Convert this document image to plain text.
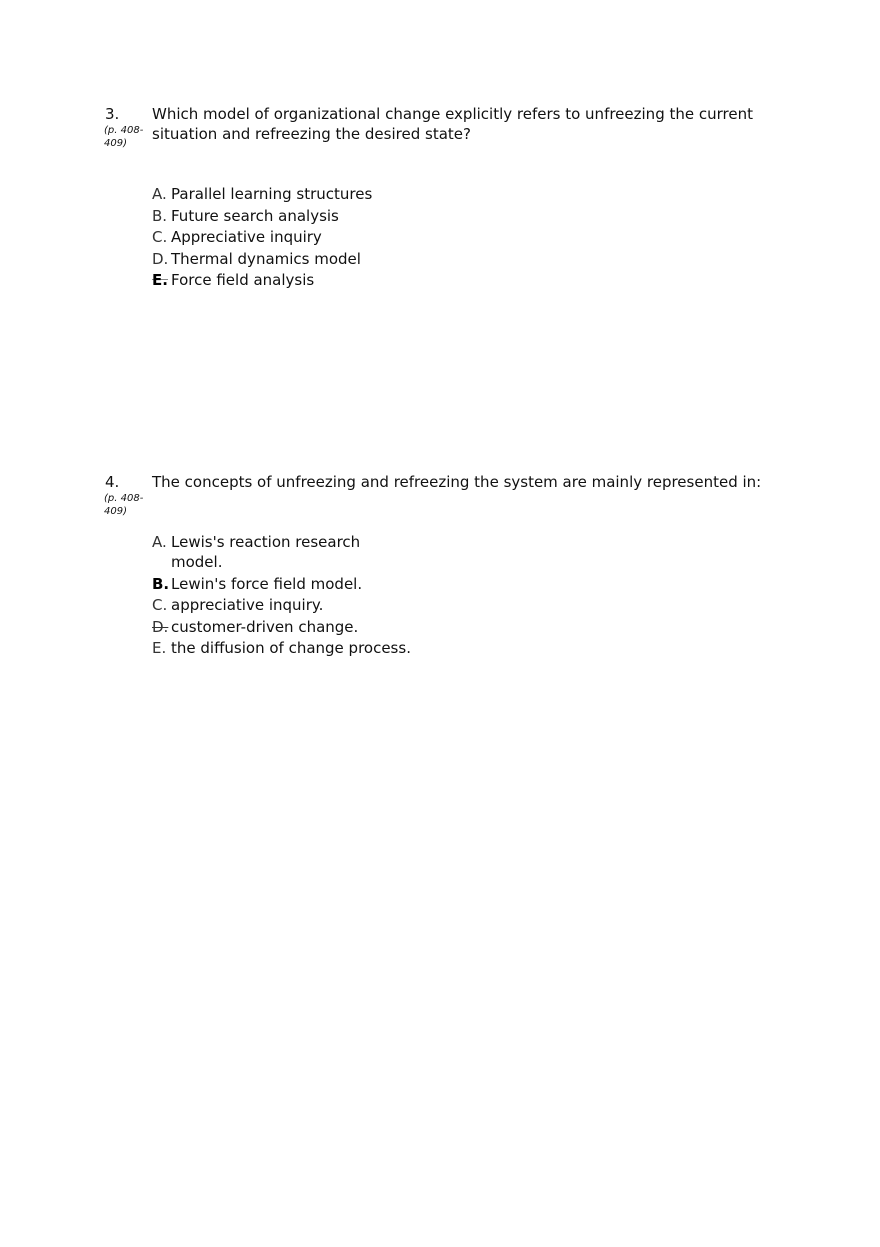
3.
(p. 408-409)
Which model of organizational change explicitly refers to unfreezing the current situation and refreezing the desired state?
A. Parallel learning structures
B. Future search analysis
C. Appreciative inquiry
D. Thermal dynamics model
E. Force field analysis
4.
(p. 408-409)
The concepts of unfreezing and refreezing the system are mainly represented in:
A. Lewis's reaction research model.
B. Lewin's force field model.
C. appreciative inquiry.
D. customer-driven change.
E. the diffusion of change process.
